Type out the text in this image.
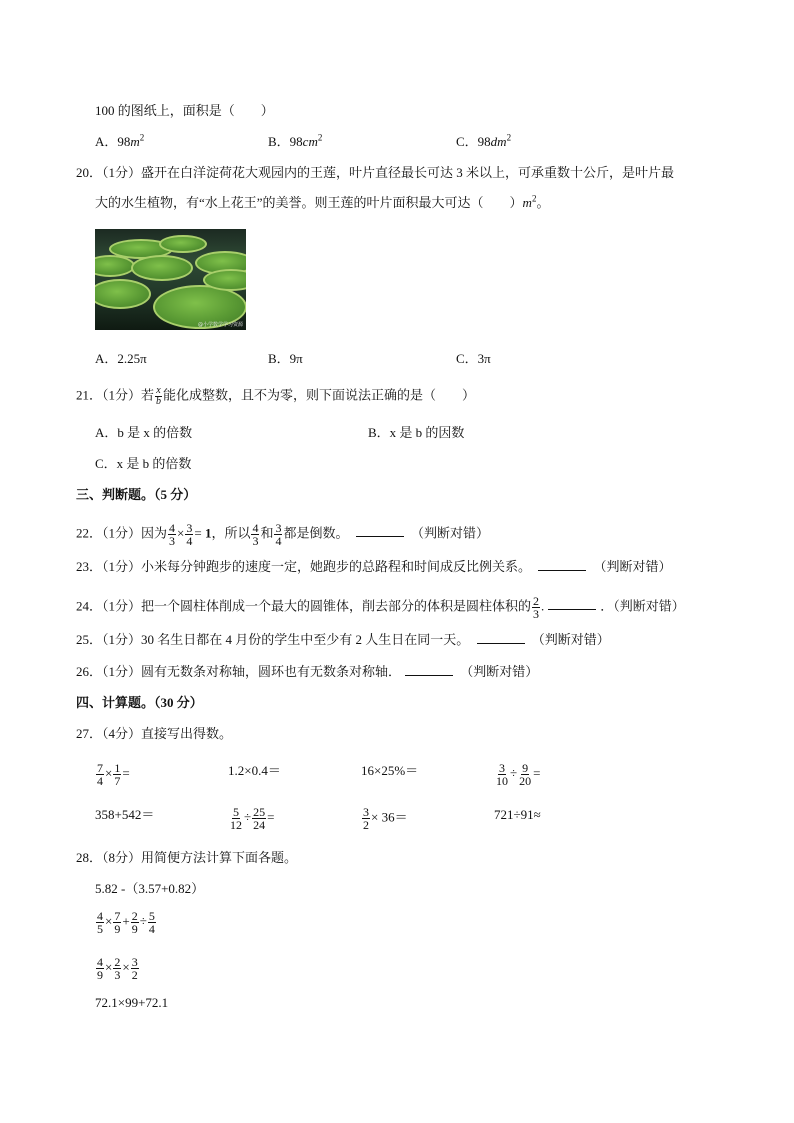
100 的图纸上，面积是（　　）
A．$98m^2$	B．$98cm^2$	C．$98dm^2$
20．（1分）盛开在白洋淀荷花大观园内的王莲，叶片直径最长可达 3 米以上，可承重数十公斤，是叶片最
大的水生植物，有“水上花王”的美誉。则王莲的叶片面积最大可达（　　）$m^2$。
@小学数学学习资源
A．2.25π	B．9π	C．3π
21．（1分）若 $\frac{x}{b}$ 能化成整数，且不为零，则下面说法正确的是（　　）
A．b 是 x 的倍数	B．x 是 b 的因数
C．x 是 b 的倍数
三、判断题。（5 分）
22．（1分）因为 $\frac{4}{3} \times \frac{3}{4} = 1$，所以 $\frac{4}{3}$ 和 $\frac{3}{4}$ 都是倒数。	（判断对错）
23．（1分）小米每分钟跑步的速度一定，她跑步的总路程和时间成反比例关系。	（判断对错）
24．（1分）把一个圆柱体削成一个最大的圆锥体，削去部分的体积是圆柱体积的 $\frac{2}{3}$ .	．（判断对错）
25．（1分）30 名生日都在 4 月份的学生中至少有 2 人生日在同一天。	（判断对错）
26．（1分）圆有无数条对称轴，圆环也有无数条对称轴．	（判断对错）
四、计算题。（30 分）
27．（4分）直接写出得数。
$\frac{7}{4} \times \frac{1}{7}$ =	1.2×0.4＝	16×25%＝	$\frac{3}{10} \div \frac{9}{20}$ =
358+542＝	$\frac{5}{12} \div \frac{25}{24}$ =	$\frac{3}{2} \times 36=$	721÷91≈
28．（8分）用简便方法计算下面各题。
5.82 -（3.57+0.82）
$\frac{4}{5} \times \frac{7}{9} + \frac{2}{9} \div \frac{5}{4}$
$\frac{4}{9} \times \frac{2}{3} \times \frac{3}{2}$
72.1×99+72.1
